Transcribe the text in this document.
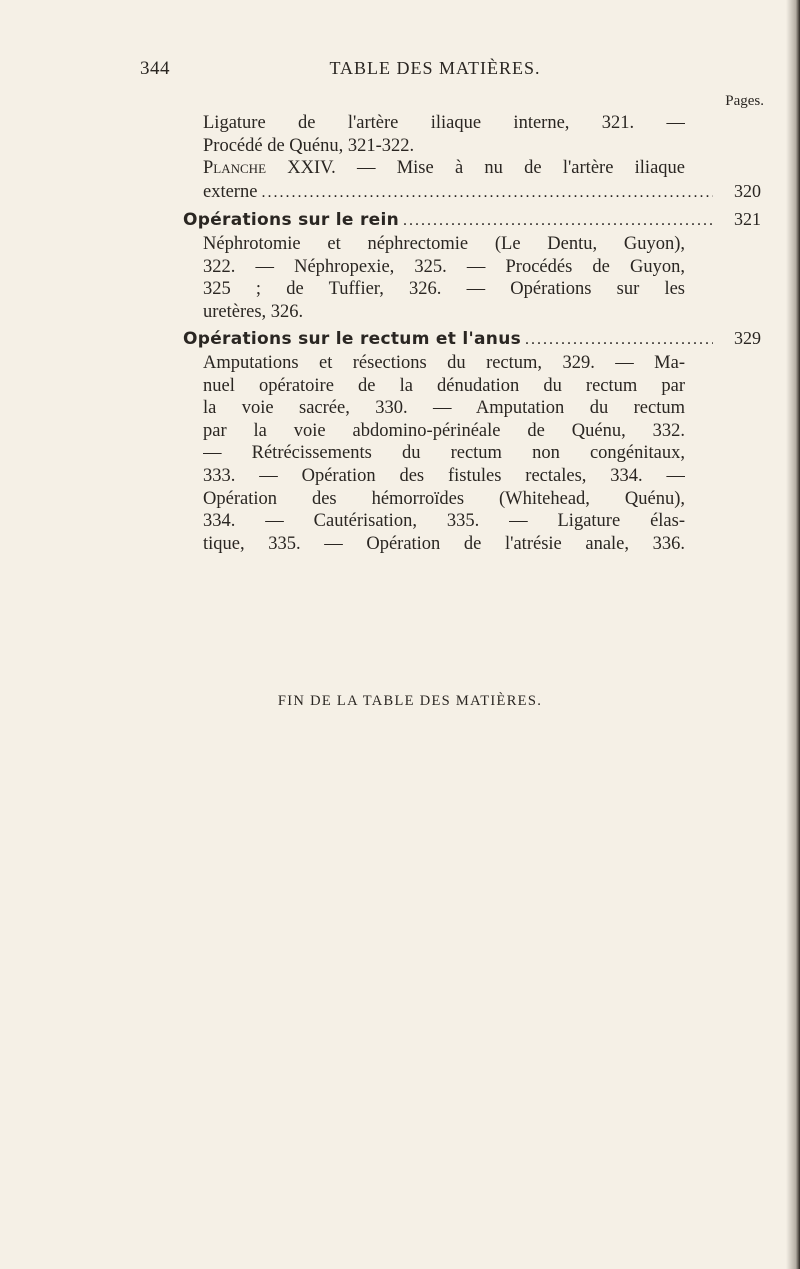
344	TABLE DES MATIÈRES.
Pages.
Ligature de l'artère iliaque interne, 321. —
Procédé de Quénu, 321-322.
Planche XXIV. — Mise à nu de l'artère iliaque
externe .....	320
Opérations sur le rein .....	321
Néphrotomie et néphrectomie (Le Dentu, Guyon),
322. — Néphropexie, 325. — Procédés de Guyon,
325 ; de Tuffier, 326. — Opérations sur les
uretères, 326.
Opérations sur le rectum et l'anus .....	329
Amputations et résections du rectum, 329. — Ma-
nuel opératoire de la dénudation du rectum par
la voie sacrée, 330. — Amputation du rectum
par la voie abdomino-périnéale de Quénu, 332.
— Rétrécissements du rectum non congénitaux,
333. — Opération des fistules rectales, 334. —
Opération des hémorroïdes (Whitehead, Quénu),
334. — Cautérisation, 335. — Ligature élas-
tique, 335. — Opération de l'atrésie anale, 336.
FIN DE LA TABLE DES MATIÈRES.
